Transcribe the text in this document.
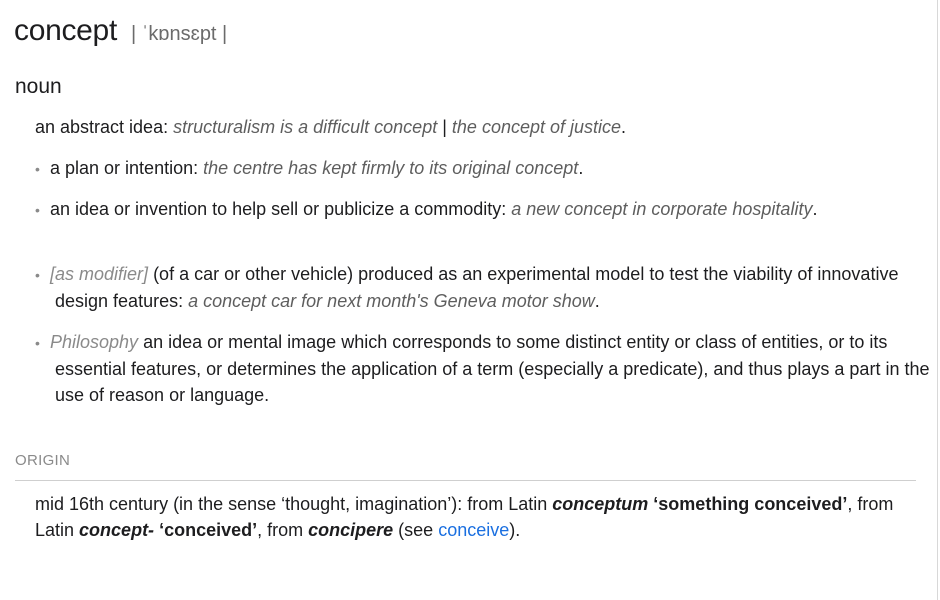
concept | ˈkɒnsɛpt |
noun
an abstract idea: structuralism is a difficult concept | the concept of justice.
• a plan or intention: the centre has kept firmly to its original concept.
• an idea or invention to help sell or publicize a commodity: a new concept in corporate hospitality.
• [as modifier] (of a car or other vehicle) produced as an experimental model to test the viability of innovative design features: a concept car for next month's Geneva motor show.
• Philosophy an idea or mental image which corresponds to some distinct entity or class of entities, or to its essential features, or determines the application of a term (especially a predicate), and thus plays a part in the use of reason or language.
ORIGIN
mid 16th century (in the sense ‘thought, imagination’): from Latin conceptum ‘something conceived’, from Latin concept- ‘conceived’, from concipere (see conceive).
